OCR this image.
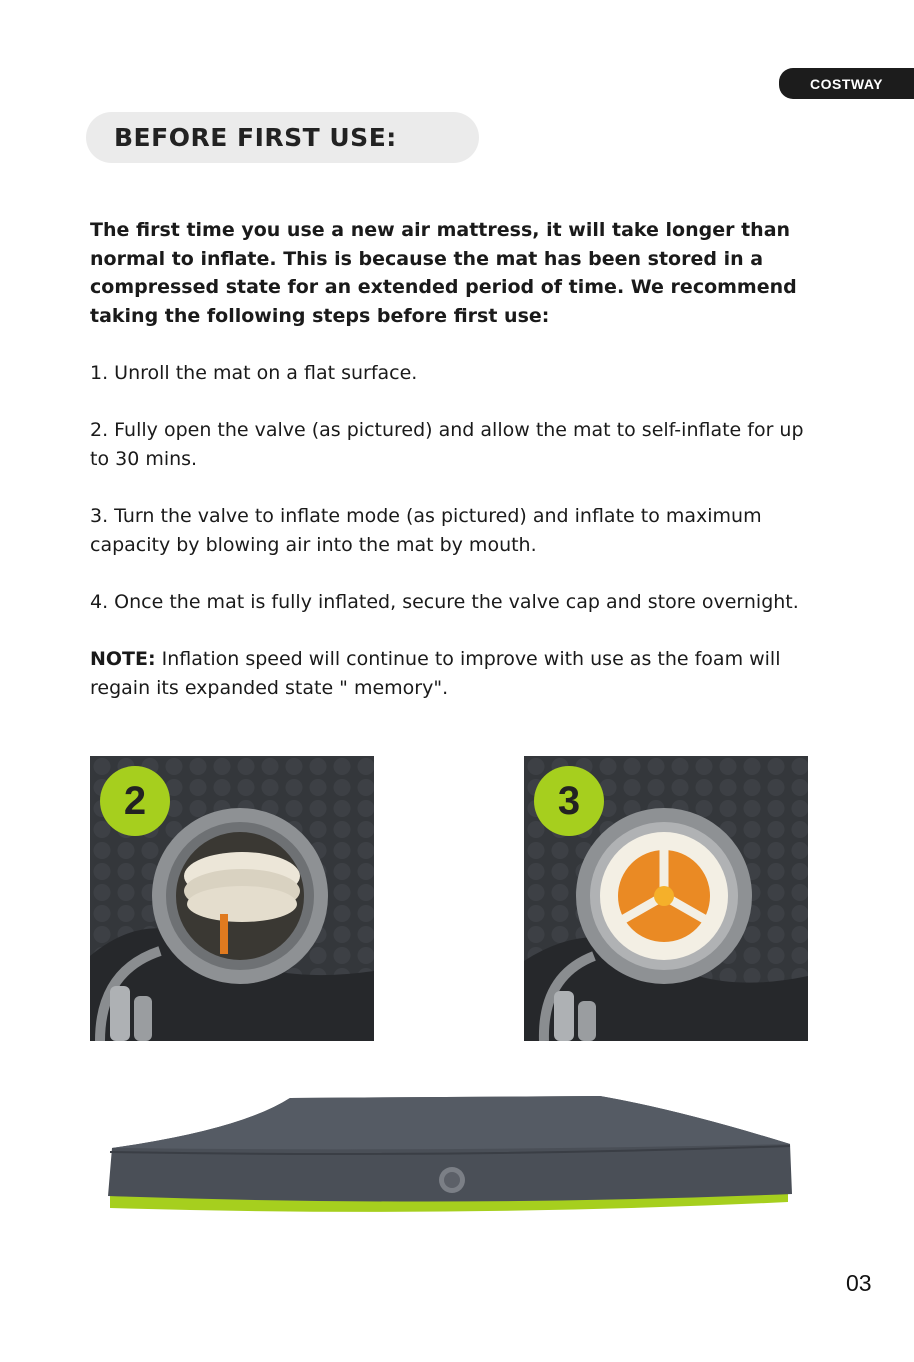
COSTWAY
BEFORE FIRST USE:

The first time you use a new air mattress, it will take longer than normal to inflate. This is because the mat has been stored in a compressed state for an extended period of time. We recommend taking the following steps before first use:

1. Unroll the mat on a flat surface.

2. Fully open the valve (as pictured) and allow the mat to self-inflate for up to 30 mins.

3. Turn the valve to inflate mode (as pictured) and inflate to maximum capacity by blowing air into the mat by mouth.

4. Once the mat is fully inflated, secure the valve cap and store overnight.

NOTE: Inflation speed will continue to improve with use as the foam will regain its expanded state " memory".

2	3
03
